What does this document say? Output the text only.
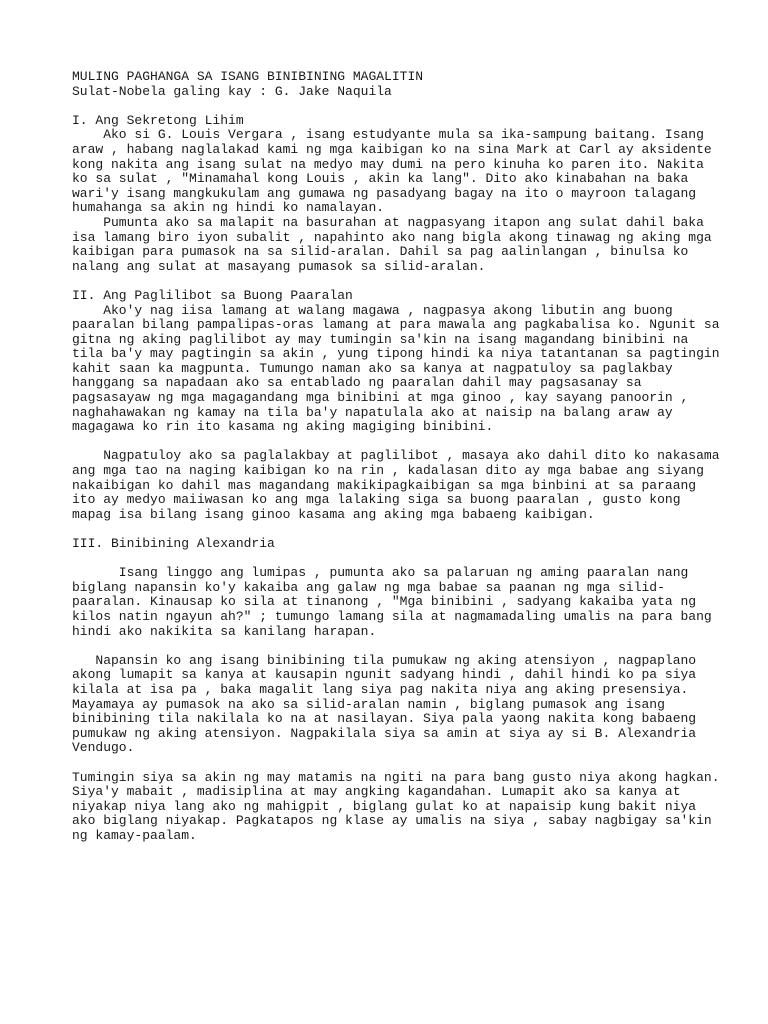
MULING PAGHANGA SA ISANG BINIBINING MAGALITIN
Sulat-Nobela galing kay : G. Jake Naquila
I. Ang Sekretong Lihim
Ako si G. Louis Vergara , isang estudyante mula sa ika-sampung baitang. Isang
araw , habang naglalakad kami ng mga kaibigan ko na sina Mark at Carl ay aksidente
kong nakita ang isang sulat na medyo may dumi na pero kinuha ko paren ito. Nakita
ko sa sulat , "Minamahal kong Louis , akin ka lang". Dito ako kinabahan na baka
wari'y isang mangkukulam ang gumawa ng pasadyang bagay na ito o mayroon talagang
humahanga sa akin ng hindi ko namalayan.
Pumunta ako sa malapit na basurahan at nagpasyang itapon ang sulat dahil baka
isa lamang biro iyon subalit , napahinto ako nang bigla akong tinawag ng aking mga
kaibigan para pumasok na sa silid-aralan. Dahil sa pag aalinlangan , binulsa ko
nalang ang sulat at masayang pumasok sa silid-aralan.
II. Ang Paglilibot sa Buong Paaralan
Ako'y nag iisa lamang at walang magawa , nagpasya akong libutin ang buong
paaralan bilang pampalipas-oras lamang at para mawala ang pagkabalisa ko. Ngunit sa
gitna ng aking paglilibot ay may tumingin sa'kin na isang magandang binibini na
tila ba'y may pagtingin sa akin , yung tipong hindi ka niya tatantanan sa pagtingin
kahit saan ka magpunta. Tumungo naman ako sa kanya at nagpatuloy sa paglakbay
hanggang sa napadaan ako sa entablado ng paaralan dahil may pagsasanay sa
pagsasayaw ng mga magagandang mga binibini at mga ginoo , kay sayang panoorin ,
naghahawakan ng kamay na tila ba'y napatulala ako at naisip na balang araw ay
magagawa ko rin ito kasama ng aking magiging binibini.
Nagpatuloy ako sa paglalakbay at paglilibot , masaya ako dahil dito ko nakasama
ang mga tao na naging kaibigan ko na rin , kadalasan dito ay mga babae ang siyang
nakaibigan ko dahil mas magandang makikipagkaibigan sa mga binbini at sa paraang
ito ay medyo maiiwasan ko ang mga lalaking siga sa buong paaralan , gusto kong
mapag isa bilang isang ginoo kasama ang aking mga babaeng kaibigan.
III. Binibining Alexandria
Isang linggo ang lumipas , pumunta ako sa palaruan ng aming paaralan nang
biglang napansin ko'y kakaiba ang galaw ng mga babae sa paanan ng mga silid-
paaralan. Kinausap ko sila at tinanong , "Mga binibini , sadyang kakaiba yata ng
kilos natin ngayun ah?" ; tumungo lamang sila at nagmamadaling umalis na para bang
hindi ako nakikita sa kanilang harapan.
Napansin ko ang isang binibining tila pumukaw ng aking atensiyon , nagpaplano
akong lumapit sa kanya at kausapin ngunit sadyang hindi , dahil hindi ko pa siya
kilala at isa pa , baka magalit lang siya pag nakita niya ang aking presensiya.
Mayamaya ay pumasok na ako sa silid-aralan namin , biglang pumasok ang isang
binibining tila nakilala ko na at nasilayan. Siya pala yaong nakita kong babaeng
pumukaw ng aking atensiyon. Nagpakilala siya sa amin at siya ay si B. Alexandria
Vendugo.
Tumingin siya sa akin ng may matamis na ngiti na para bang gusto niya akong hagkan.
Siya'y mabait , madisiplina at may angking kagandahan. Lumapit ako sa kanya at
niyakap niya lang ako ng mahigpit , biglang gulat ko at napaisip kung bakit niya
ako biglang niyakap. Pagkatapos ng klase ay umalis na siya , sabay nagbigay sa'kin
ng kamay-paalam.
